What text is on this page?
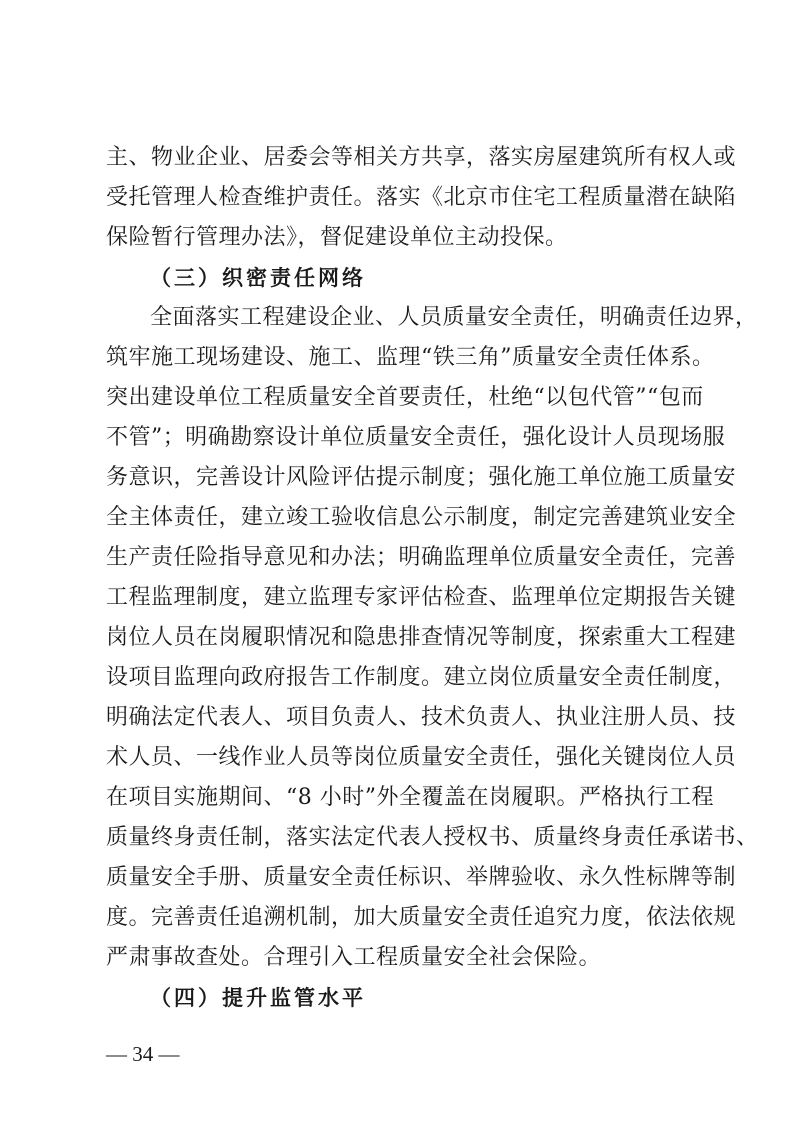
主、物业企业、居委会等相关方共享，落实房屋建筑所有权人或
受托管理人检查维护责任。落实《北京市住宅工程质量潜在缺陷
保险暂行管理办法》，督促建设单位主动投保。
（三）织密责任网络
全面落实工程建设企业、人员质量安全责任，明确责任边界，
筑牢施工现场建设、施工、监理“铁三角”质量安全责任体系。
突出建设单位工程质量安全首要责任，杜绝“以包代管”“包而
不管”；明确勘察设计单位质量安全责任，强化设计人员现场服
务意识，完善设计风险评估提示制度；强化施工单位施工质量安
全主体责任，建立竣工验收信息公示制度，制定完善建筑业安全
生产责任险指导意见和办法；明确监理单位质量安全责任，完善
工程监理制度，建立监理专家评估检查、监理单位定期报告关键
岗位人员在岗履职情况和隐患排查情况等制度，探索重大工程建
设项目监理向政府报告工作制度。建立岗位质量安全责任制度，
明确法定代表人、项目负责人、技术负责人、执业注册人员、技
术人员、一线作业人员等岗位质量安全责任，强化关键岗位人员
在项目实施期间、“8 小时”外全覆盖在岗履职。严格执行工程
质量终身责任制，落实法定代表人授权书、质量终身责任承诺书、
质量安全手册、质量安全责任标识、举牌验收、永久性标牌等制
度。完善责任追溯机制，加大质量安全责任追究力度，依法依规
严肃事故查处。合理引入工程质量安全社会保险。
（四）提升监管水平
— 34 —
